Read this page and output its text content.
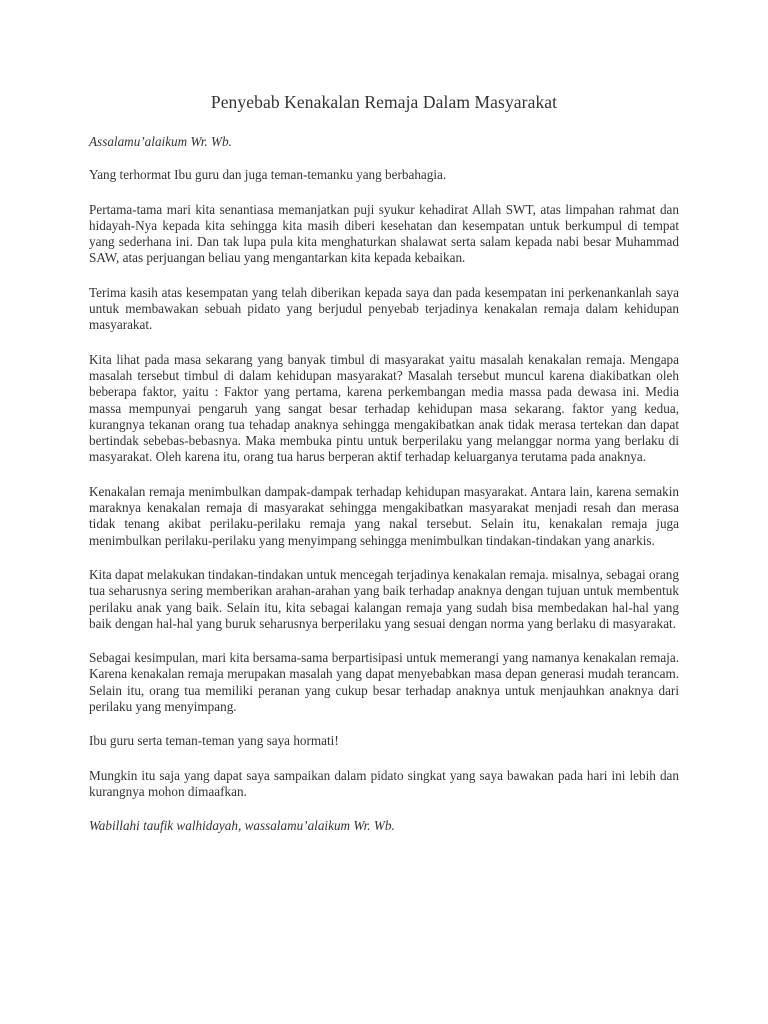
Penyebab Kenakalan Remaja Dalam Masyarakat

Assalamu’alaikum Wr. Wb.

Yang terhormat Ibu guru dan juga teman-temanku yang berbahagia.

Pertama-tama mari kita senantiasa memanjatkan puji syukur kehadirat Allah SWT, atas limpahan rahmat dan hidayah-Nya kepada kita sehingga kita masih diberi kesehatan dan kesempatan untuk berkumpul di tempat yang sederhana ini. Dan tak lupa pula kita menghaturkan shalawat serta salam kepada nabi besar Muhammad SAW, atas perjuangan beliau yang mengantarkan kita kepada kebaikan.

Terima kasih atas kesempatan yang telah diberikan kepada saya dan pada kesempatan ini perkenankanlah saya untuk membawakan sebuah pidato yang berjudul penyebab terjadinya kenakalan remaja dalam kehidupan masyarakat.

Kita lihat pada masa sekarang yang banyak timbul di masyarakat yaitu masalah kenakalan remaja. Mengapa masalah tersebut timbul di dalam kehidupan masyarakat? Masalah tersebut muncul karena diakibatkan oleh beberapa faktor, yaitu : Faktor yang pertama, karena perkembangan media massa pada dewasa ini. Media massa mempunyai pengaruh yang sangat besar terhadap kehidupan masa sekarang. faktor yang kedua, kurangnya tekanan orang tua tehadap anaknya sehingga mengakibatkan anak tidak merasa tertekan dan dapat bertindak sebebas-bebasnya. Maka membuka pintu untuk berperilaku yang melanggar norma yang berlaku di masyarakat. Oleh karena itu, orang tua harus berperan aktif terhadap keluarganya terutama pada anaknya.

Kenakalan remaja menimbulkan dampak-dampak terhadap kehidupan masyarakat. Antara lain, karena semakin maraknya kenakalan remaja di masyarakat sehingga mengakibatkan masyarakat menjadi resah dan merasa tidak tenang akibat perilaku-perilaku remaja yang nakal tersebut. Selain itu, kenakalan remaja juga menimbulkan perilaku-perilaku yang menyimpang sehingga menimbulkan tindakan-tindakan yang anarkis.

Kita dapat melakukan tindakan-tindakan untuk mencegah terjadinya kenakalan remaja. misalnya, sebagai orang tua seharusnya sering memberikan arahan-arahan yang baik terhadap anaknya dengan tujuan untuk membentuk perilaku anak yang baik. Selain itu, kita sebagai kalangan remaja yang sudah bisa membedakan hal-hal yang baik dengan hal-hal yang buruk seharusnya berperilaku yang sesuai dengan norma yang berlaku di masyarakat.

Sebagai kesimpulan, mari kita bersama-sama berpartisipasi untuk memerangi yang namanya kenakalan remaja. Karena kenakalan remaja merupakan masalah yang dapat menyebabkan masa depan generasi mudah terancam. Selain itu, orang tua memiliki peranan yang cukup besar terhadap anaknya untuk menjauhkan anaknya dari perilaku yang menyimpang.

Ibu guru serta teman-teman yang saya hormati!

Mungkin itu saja yang dapat saya sampaikan dalam pidato singkat yang saya bawakan pada hari ini lebih dan kurangnya mohon dimaafkan.

Wabillahi taufik walhidayah, wassalamu’alaikum Wr. Wb.
